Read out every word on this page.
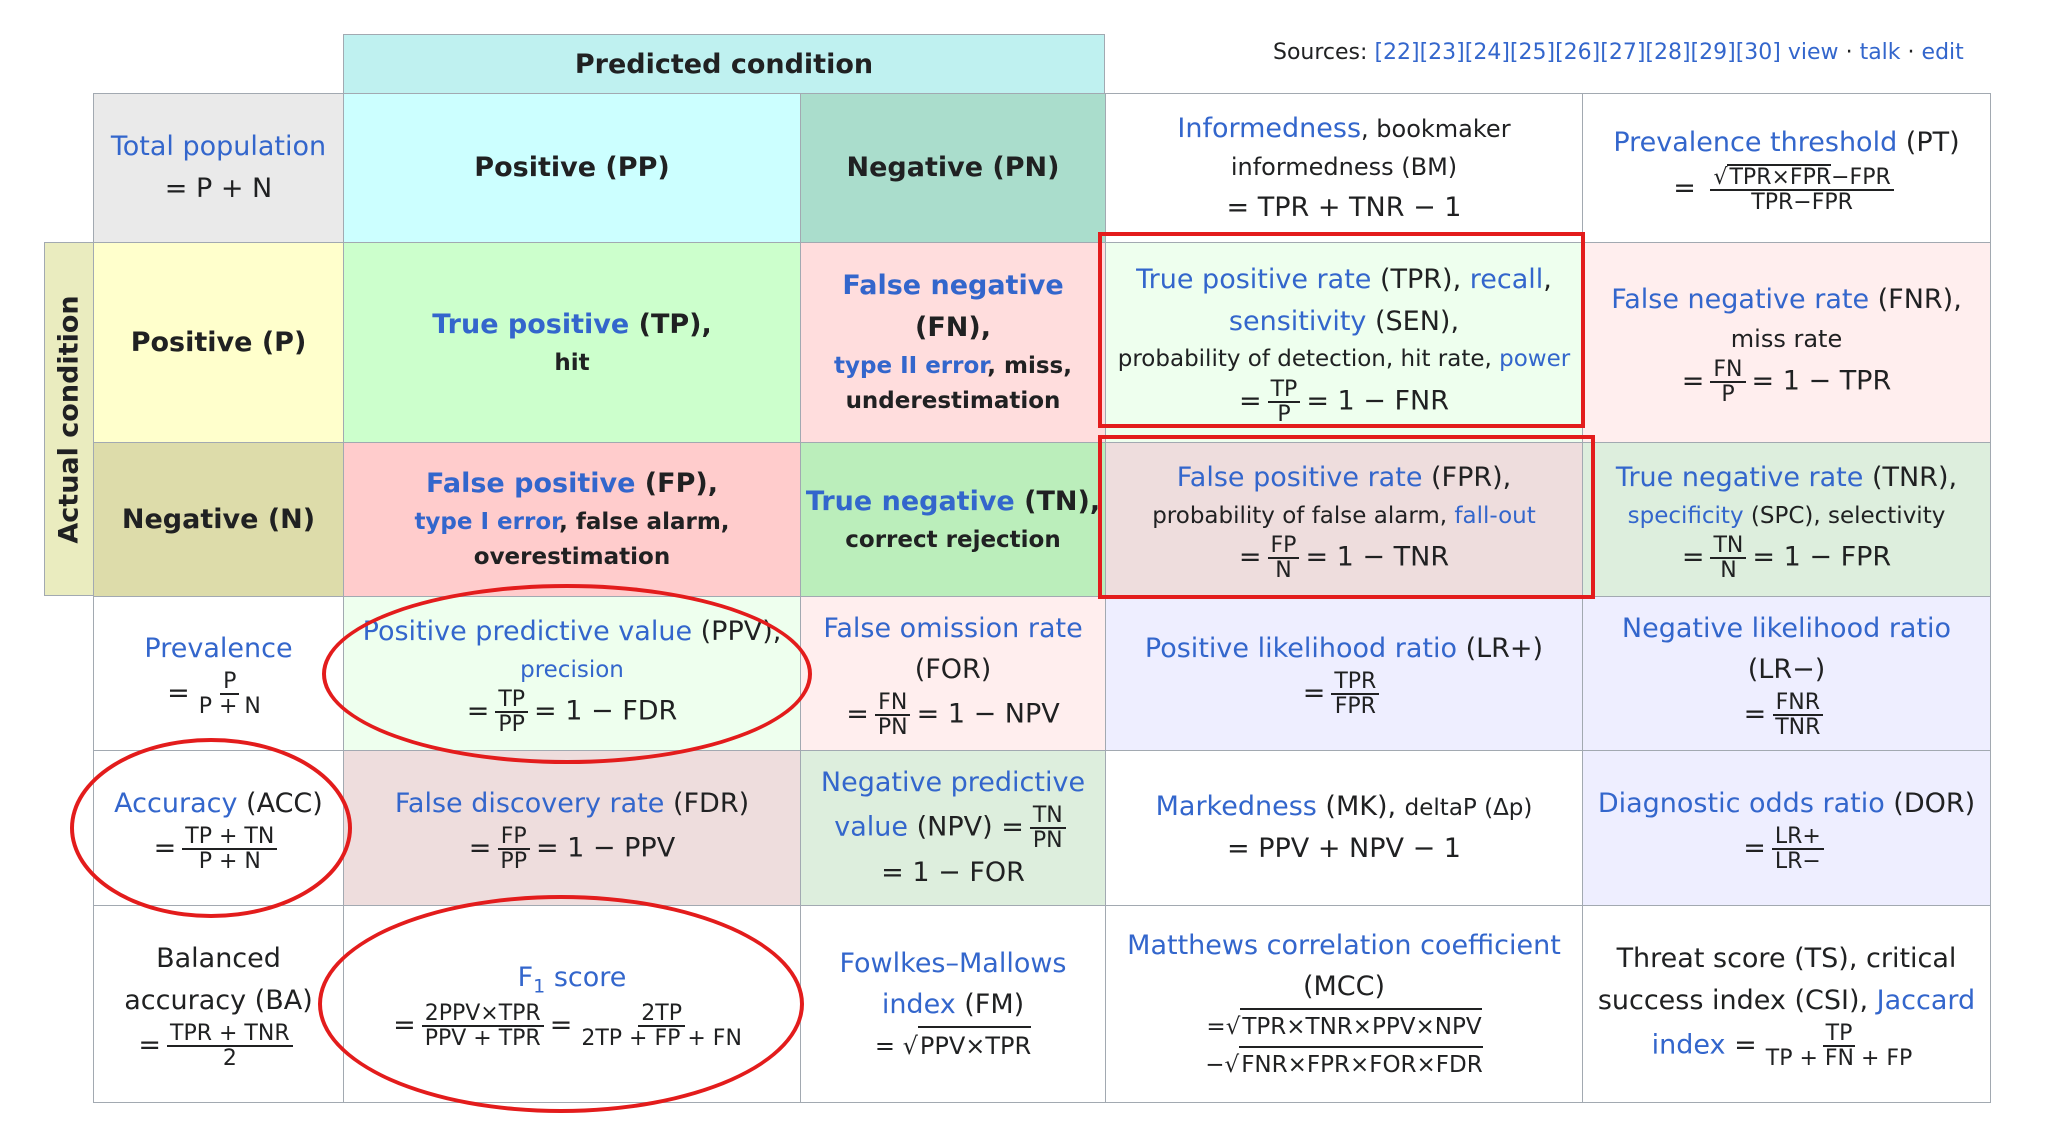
Sources: [22][23][24][25][26][27][28][29][30] view · talk · edit
Predicted condition
Actual condition
Total population
= P + N
Positive (PP)	Negative (PN)
Informedness, bookmaker
informedness (BM)
= TPR + TNR − 1
Prevalence threshold (PT)
= √TPR×FPR−FPR
TPR−FPR
Positive (P)
True positive (TP),
hit
False negative (FN),
type II error, miss,
underestimation
True positive rate (TPR), recall,
sensitivity (SEN),
probability of detection, hit rate, power
= $\frac{TP}{P} = 1$ − FNR
False negative rate (FNR),
miss rate
= $\frac{FN}{P} = 1$ − TPR
Negative (N)
False positive (FP),
type I error, false alarm,
overestimation
True negative (TN),
correct rejection
False positive rate (FPR),
probability of false alarm, fall-out
= $\frac{FP}{N} = 1$ − TNR
True negative rate (TNR),
specificity (SPC), selectivity
= $\frac{TN}{N} = 1$ − FPR
Prevalence
= $\frac{P}{P + N}$
Positive predictive value (PPV),
precision
= $\frac{TP}{PP} = 1$ − FDR
False omission rate
(FOR)
= $\frac{FN}{PN} = 1$ − NPV
Positive likelihood ratio (LR+)
= TPR
FPR
Negative likelihood ratio
(LR−)
= FNR
TNR
Accuracy (ACC)
= $\frac{TP + TN}{P + N}$
False discovery rate (FDR)
= $\frac{FP}{PP} = 1$ − PPV
Negative predictive
value $(NPV) = \frac{TN}{PN}$
= 1 − FOR
Markedness (MK), deltaP (Δp)
= PPV + NPV − 1
Diagnostic odds ratio (DOR)
= $\frac{LR+}{LR-}$
Balanced
accuracy (BA)
= TPR + TNR
2
$F_1$ score
= 2PPV×TPR
PPV + TPR = $\frac{2TP}{2TP + FP + FN}$
Fowlkes–Mallows
index (FM)
= √PPV×TPR
Matthews correlation coefficient
(MCC)
=√TPR×TNR×PPV×NPV
−√FNR×FPR×FOR×FDR
Threat score (TS), critical
success index (CSI), Jaccard
index = $\frac{TP}{TP + FN + FP}$
